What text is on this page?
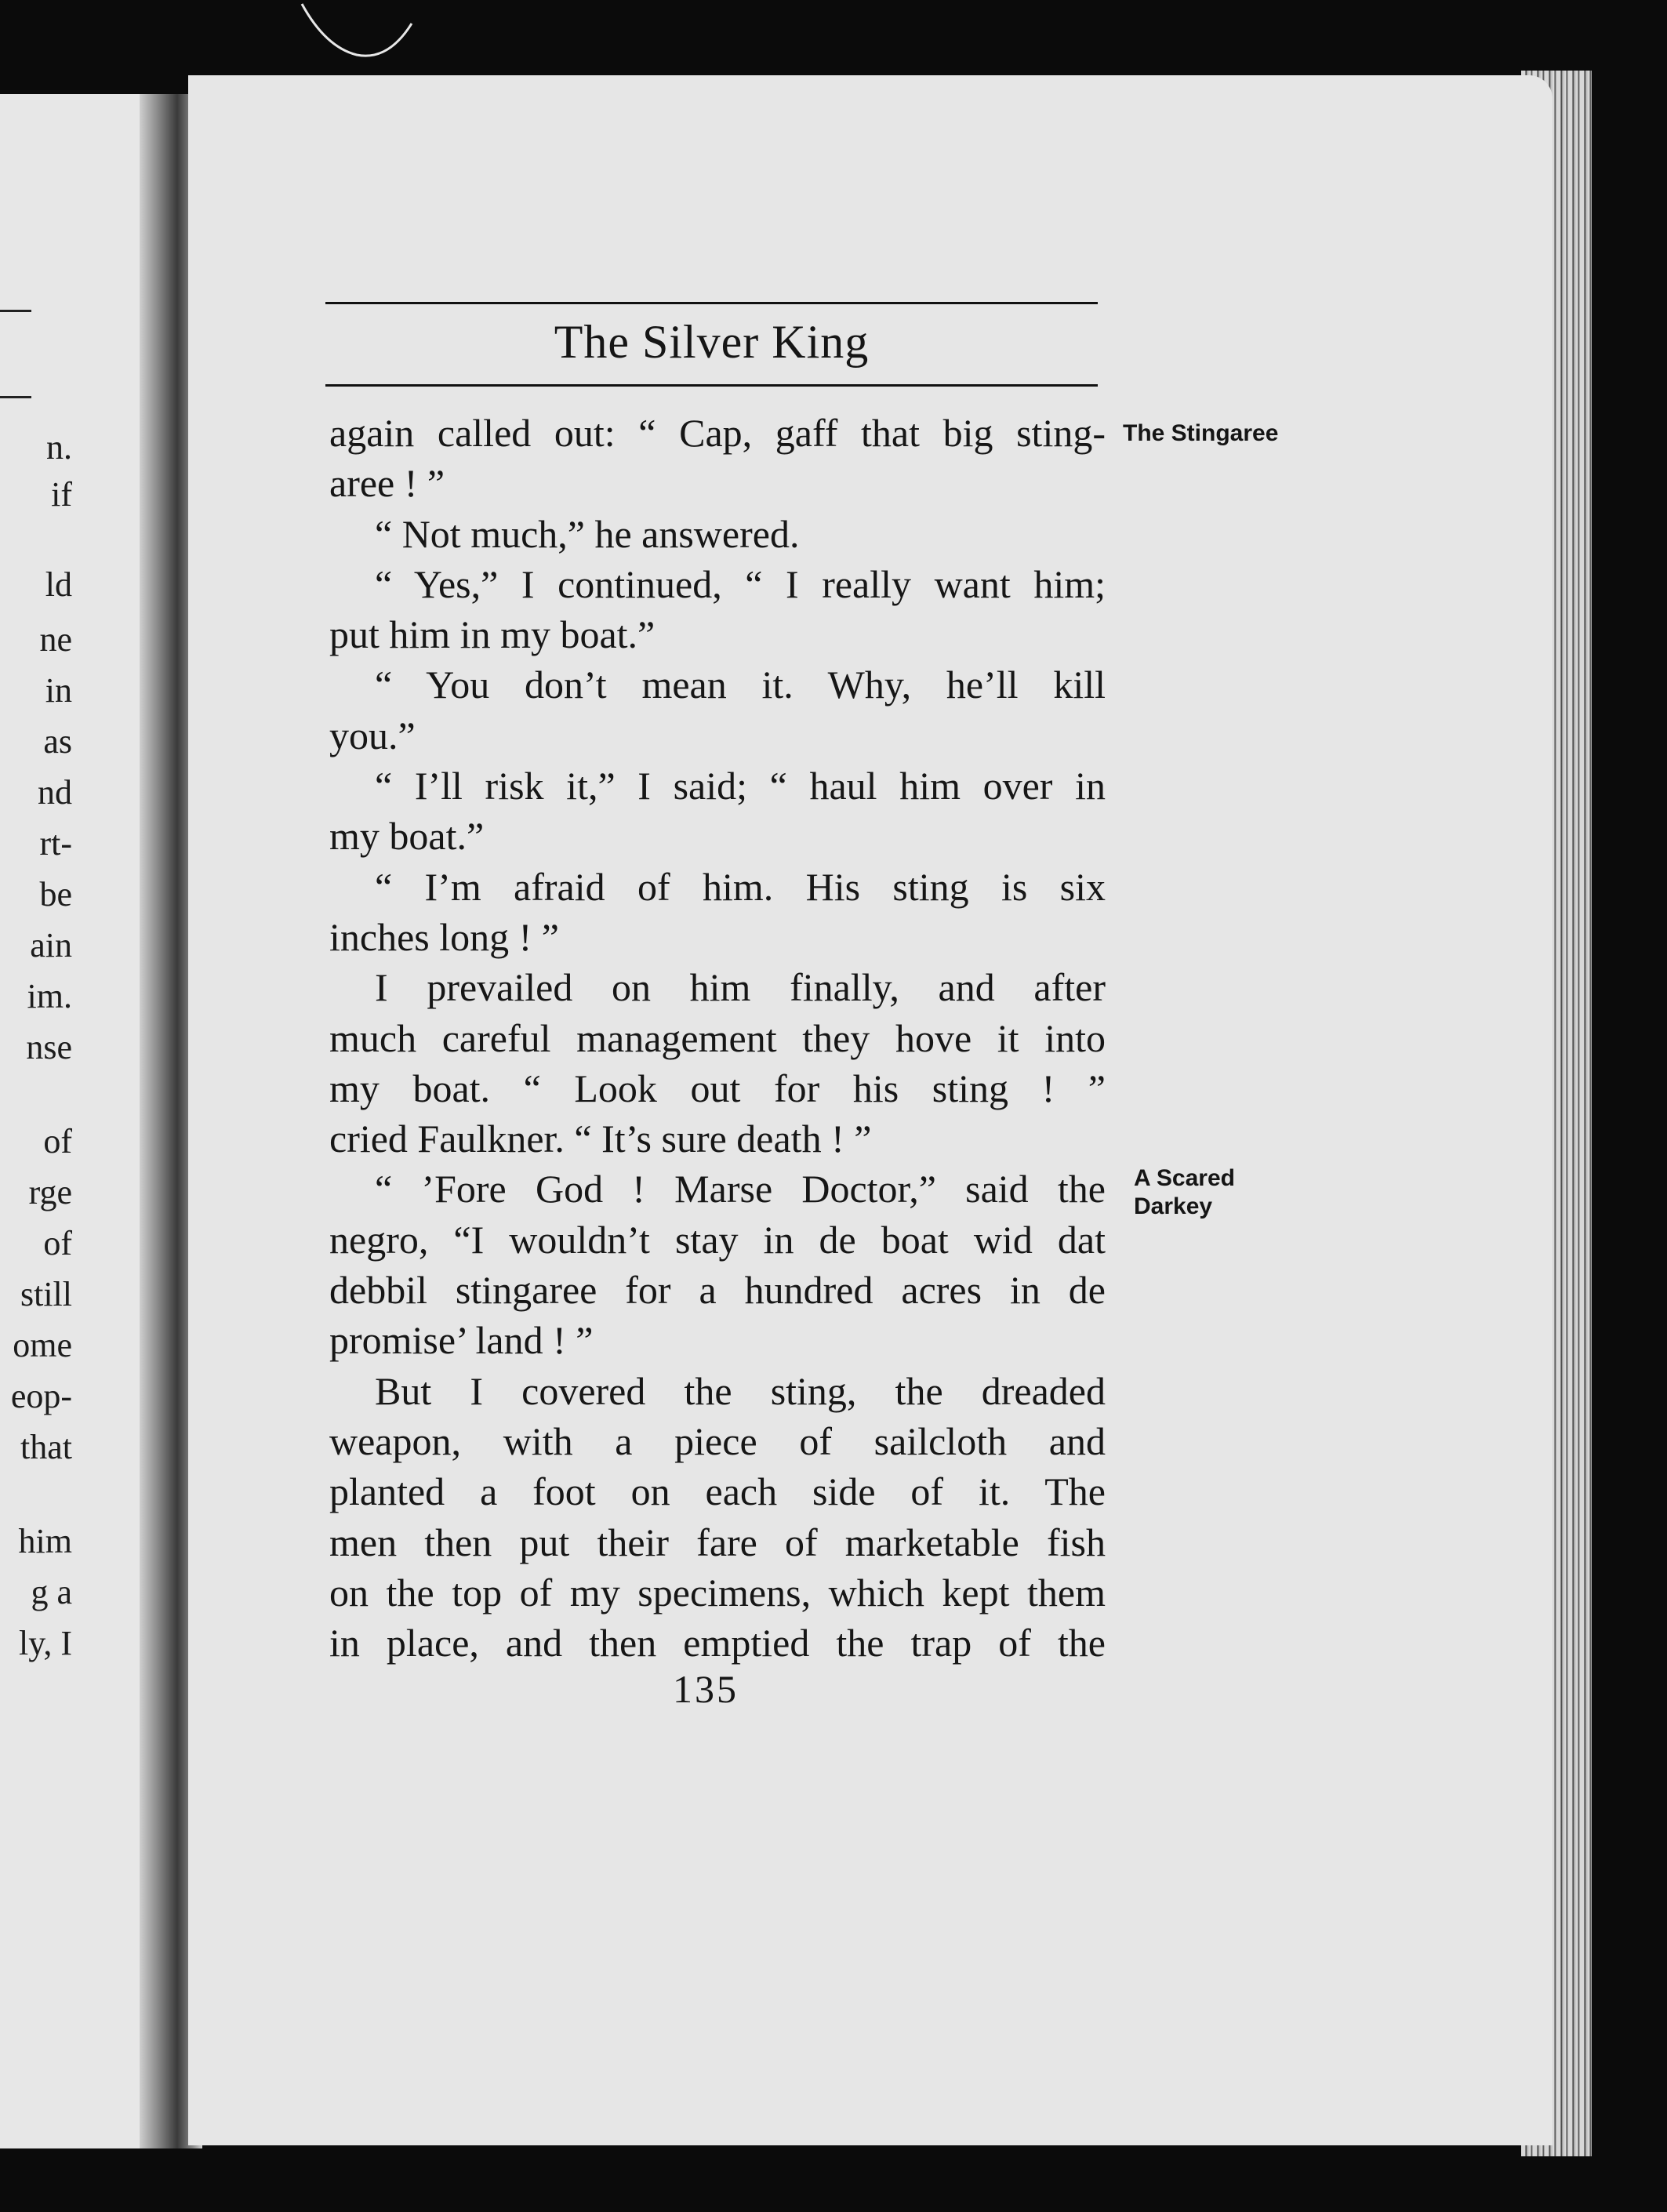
n.
if
ld
ne
in
as
nd
rt-
be
ain
im.
nse
of
rge
of
still
ome
eop-
that
him
g a
ly, I
The Silver King
The Stingaree
A Scared Darkey
again called out: “ Cap, gaff that big sting-
aree ! ”
“ Not much,” he answered.
“ Yes,” I continued, “ I really want him;
put him in my boat.”
“ You don’t mean it. Why, he’ll kill
you.”
“ I’ll risk it,” I said; “ haul him over in
my boat.”
“ I’m afraid of him. His sting is six
inches long ! ”
I prevailed on him finally, and after
much careful management they hove it into
my boat. “ Look out for his sting ! ”
cried Faulkner. “ It’s sure death ! ”
“ ’Fore God ! Marse Doctor,” said the
negro, “I wouldn’t stay in de boat wid dat
debbil stingaree for a hundred acres in de
promise’ land ! ”
But I covered the sting, the dreaded
weapon, with a piece of sailcloth and
planted a foot on each side of it. The
men then put their fare of marketable fish
on the top of my specimens, which kept them
in place, and then emptied the trap of the
135
